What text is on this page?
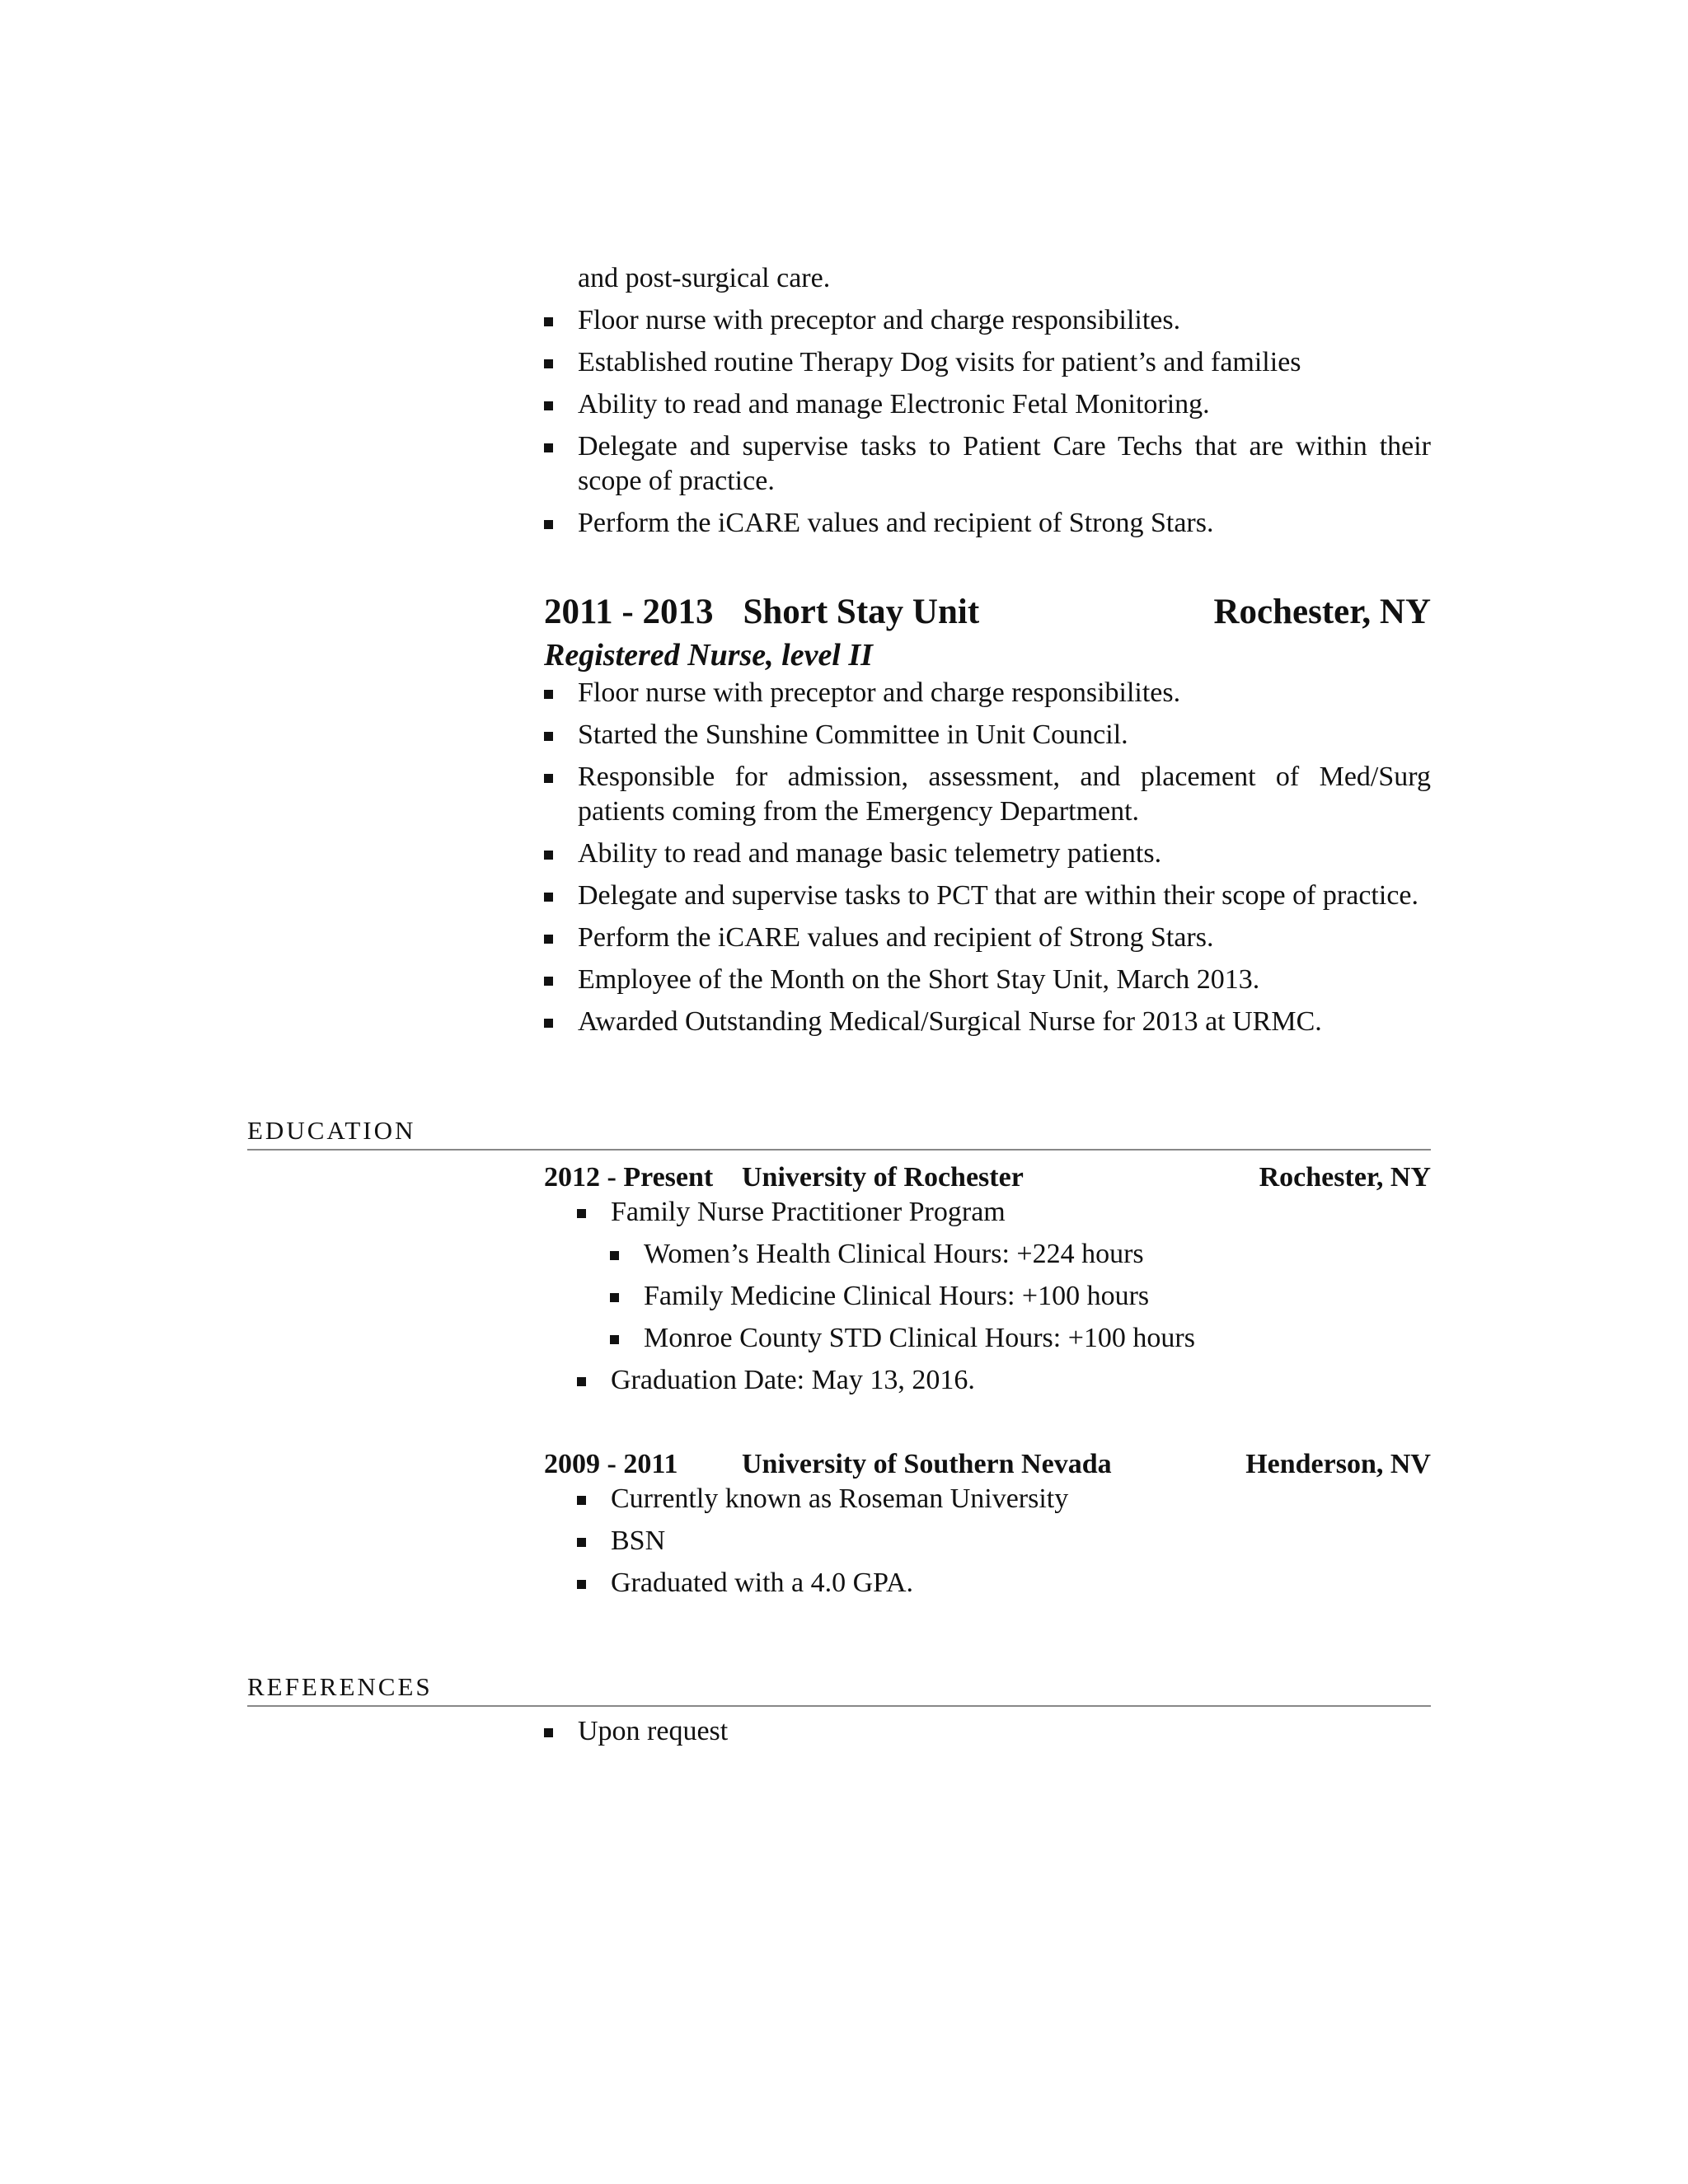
and post-surgical care.
Floor nurse with preceptor and charge responsibilites.
Established routine Therapy Dog visits for patient’s and families
Ability to read and manage Electronic Fetal Monitoring.
Delegate and supervise tasks to Patient Care Techs that are within their scope of practice.
Perform the iCARE values and recipient of Strong Stars.
2011 - 2013 Short Stay Unit	Rochester, NY
Registered Nurse, level II
Floor nurse with preceptor and charge responsibilites.
Started the Sunshine Committee in Unit Council.
Responsible for admission, assessment, and placement of Med/Surg patients coming from the Emergency Department.
Ability to read and manage basic telemetry patients.
Delegate and supervise tasks to PCT that are within their scope of practice.
Perform the iCARE values and recipient of Strong Stars.
Employee of the Month on the Short Stay Unit, March 2013.
Awarded Outstanding Medical/Surgical Nurse for 2013 at URMC.
EDUCATION
2012 - Present University of Rochester	Rochester, NY
Family Nurse Practitioner Program
Women’s Health Clinical Hours: +224 hours
Family Medicine Clinical Hours: +100 hours
Monroe County STD Clinical Hours: +100 hours
Graduation Date: May 13, 2016.
2009 - 2011 University of Southern Nevada	Henderson, NV
Currently known as Roseman University
BSN
Graduated with a 4.0 GPA.
REFERENCES
Upon request
